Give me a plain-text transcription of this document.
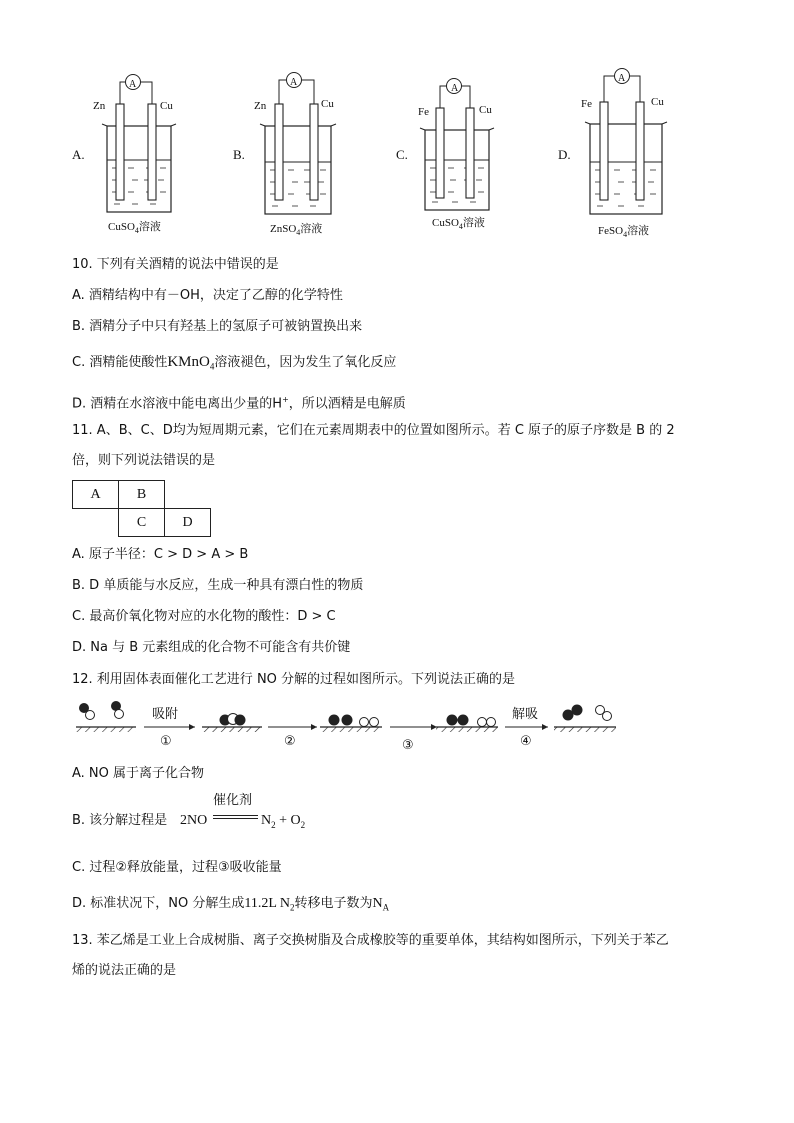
A.
Zn	Cu
A
CuSO$_4$溶液
B.
Zn	Cu
A
ZnSO$_4$溶液
C.
Fe	Cu
A
CuSO$_4$溶液
D.
Fe	Cu
A
FeSO$_4$溶液
10. 下列有关酒精的说法中错误的是
A. 酒精结构中有－OH，决定了乙醇的化学特性
B. 酒精分子中只有羟基上的氢原子可被钠置换出来
C. 酒精能使酸性KMnO$_4$溶液褪色，因为发生了氧化反应
D. 酒精在水溶液中能电离出少量的H+，所以酒精是电解质
11. A、B、C、D均为短周期元素，它们在元素周期表中的位置如图所示。若 C 原子的原子序数是 B 的 2
倍，则下列说法错误的是
A	B	
	C	D
A. 原子半径：C > D > A > B
B. D 单质能与水反应，生成一种具有漂白性的物质
C. 最高价氧化物对应的水化物的酸性：D > C
D. Na 与 B 元素组成的化合物不可能含有共价键
12. 利用固体表面催化工艺进行 NO 分解的过程如图所示。下列说法正确的是
吸附
①	②	③
解吸
④
A. NO 属于离子化合物
B. 该分解过程是 2NO
催化剂
$N_2 + O_2$
C. 过程②释放能量，过程③吸收能量
D. 标准状况下，NO 分解生成11.2L $N_2$转移电子数为$N_A$
13. 苯乙烯是工业上合成树脂、离子交换树脂及合成橡胶等的重要单体，其结构如图所示，下列关于苯乙
烯的说法正确的是
